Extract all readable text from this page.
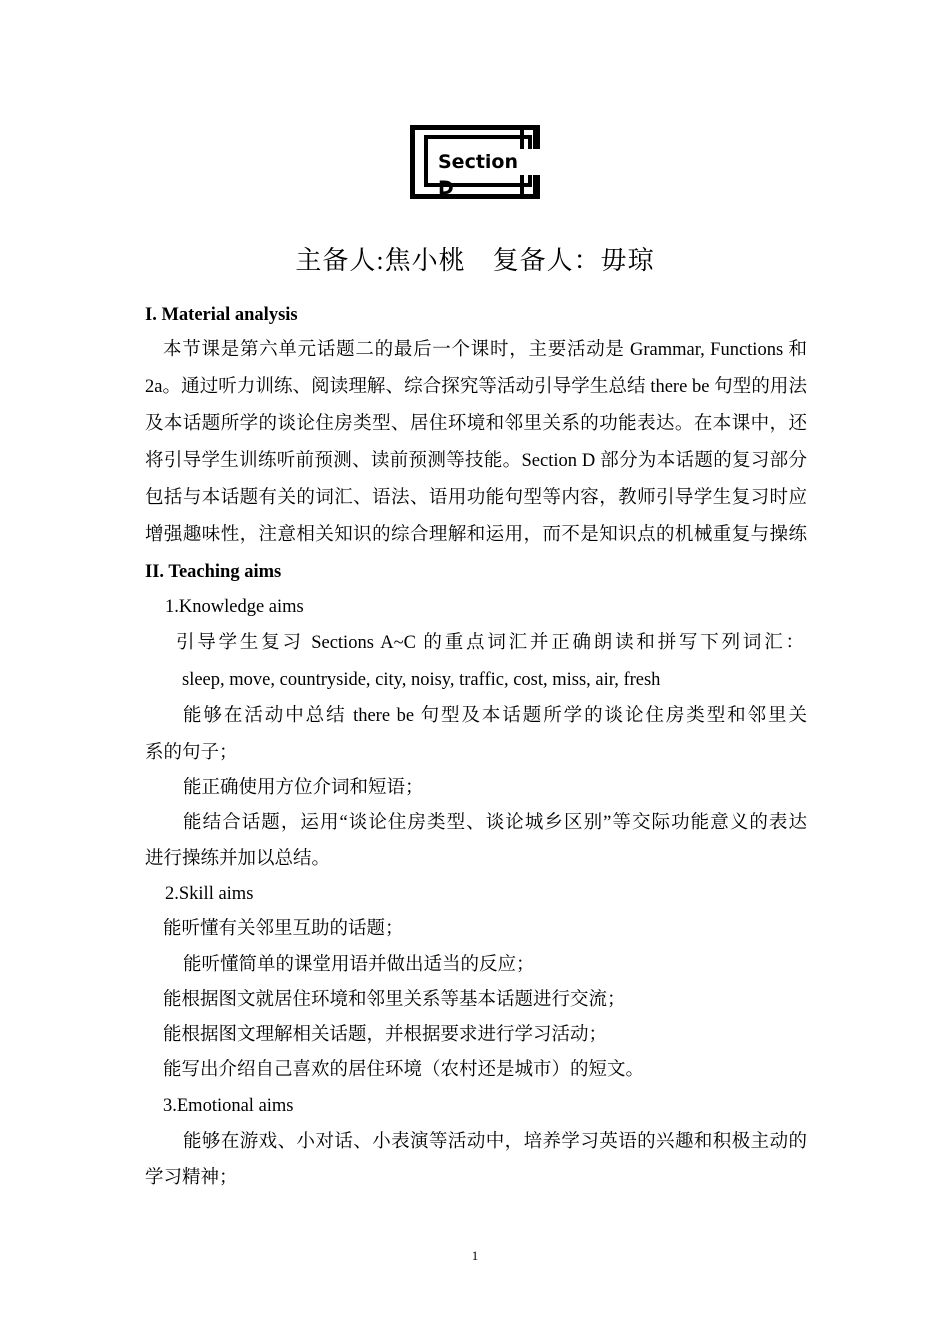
Section D
主备人:焦小桃　复备人：毋琼
I. Material analysis
本节课是第六单元话题二的最后一个课时，主要活动是 Grammar, Functions 和
2a。通过听力训练、阅读理解、综合探究等活动引导学生总结 there be 句型的用法
及本话题所学的谈论住房类型、居住环境和邻里关系的功能表达。在本课中，还
将引导学生训练听前预测、读前预测等技能。Section D 部分为本话题的复习部分
包括与本话题有关的词汇、语法、语用功能句型等内容，教师引导学生复习时应
增强趣味性，注意相关知识的综合理解和运用，而不是知识点的机械重复与操练
II. Teaching aims
1.Knowledge aims
引导学生复习 Sections A~C 的重点词汇并正确朗读和拼写下列词汇：
sleep, move, countryside, city, noisy, traffic, cost, miss, air, fresh
能够在活动中总结 there be 句型及本话题所学的谈论住房类型和邻里关
系的句子；
能正确使用方位介词和短语；
能结合话题，运用“谈论住房类型、谈论城乡区别”等交际功能意义的表达
进行操练并加以总结。
2.Skill aims
能听懂有关邻里互助的话题；
能听懂简单的课堂用语并做出适当的反应；
能根据图文就居住环境和邻里关系等基本话题进行交流；
能根据图文理解相关话题，并根据要求进行学习活动；
能写出介绍自己喜欢的居住环境（农村还是城市）的短文。
3.Emotional aims
能够在游戏、小对话、小表演等活动中，培养学习英语的兴趣和积极主动的
学习精神；
1
